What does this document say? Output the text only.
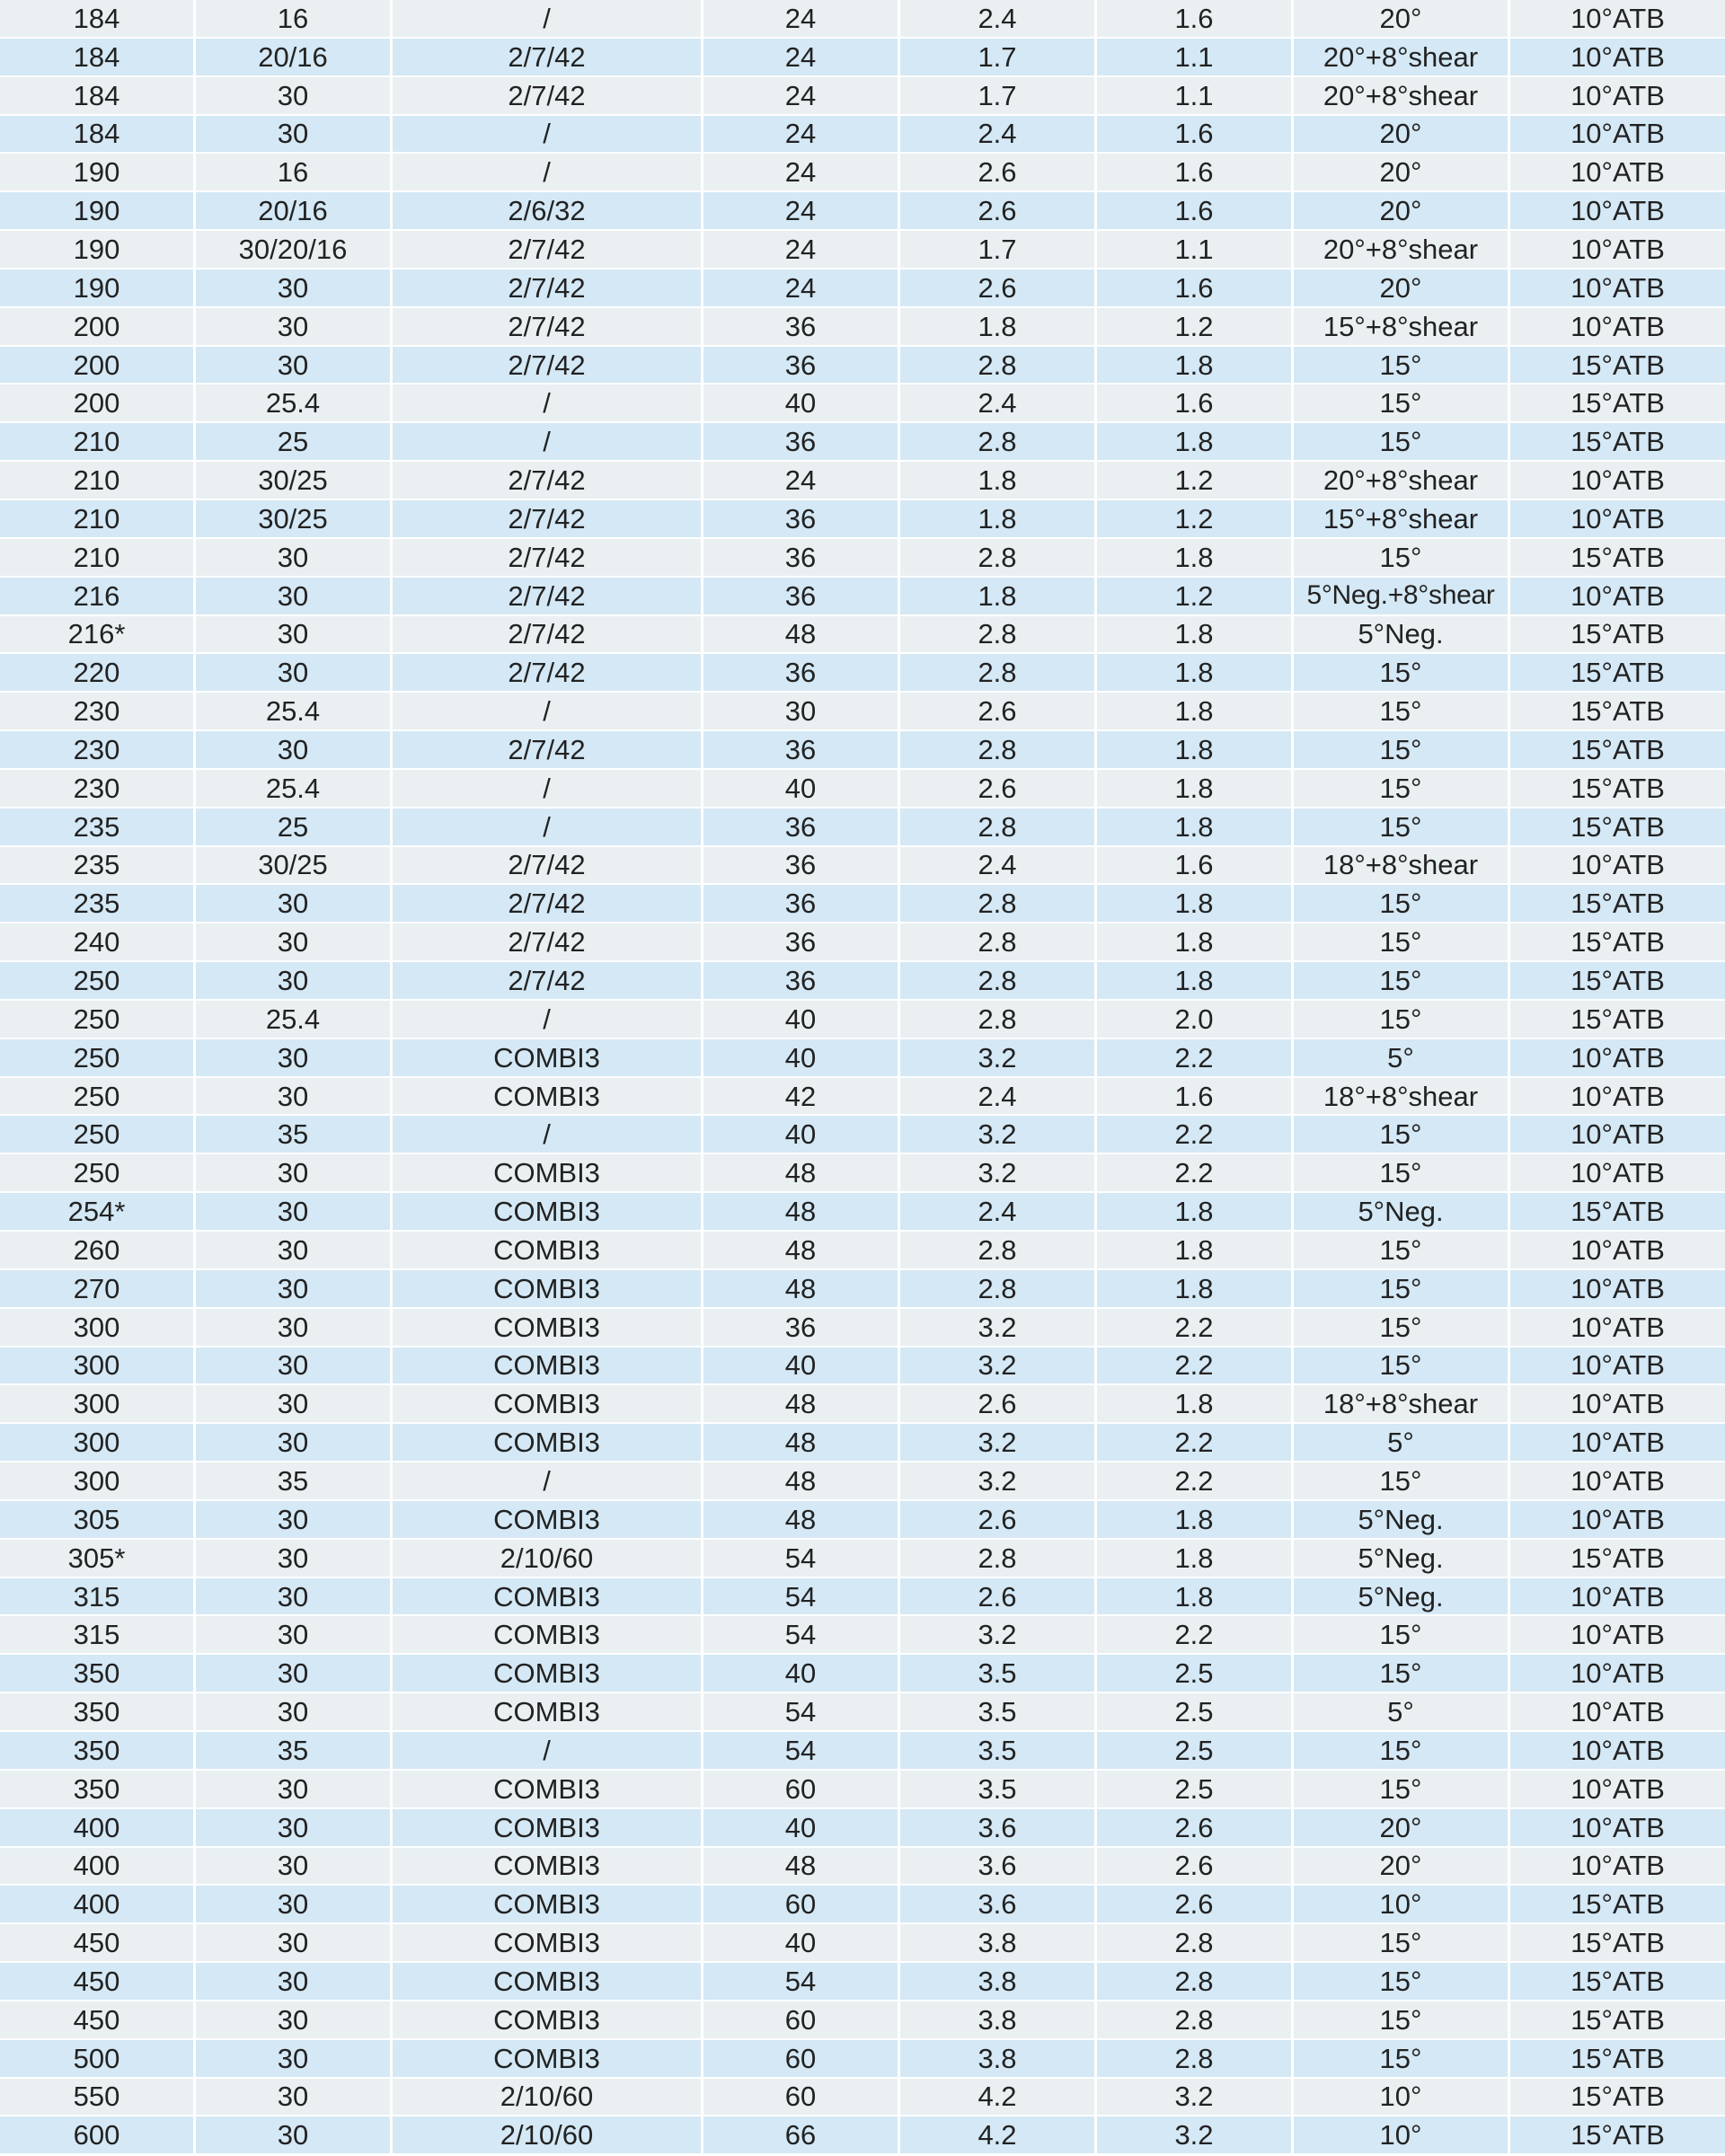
184	16	/	24	2.4	1.6	20°	10°ATB
184	20/16	2/7/42	24	1.7	1.1	20°+8°shear	10°ATB
184	30	2/7/42	24	1.7	1.1	20°+8°shear	10°ATB
184	30	/	24	2.4	1.6	20°	10°ATB
190	16	/	24	2.6	1.6	20°	10°ATB
190	20/16	2/6/32	24	2.6	1.6	20°	10°ATB
190	30/20/16	2/7/42	24	1.7	1.1	20°+8°shear	10°ATB
190	30	2/7/42	24	2.6	1.6	20°	10°ATB
200	30	2/7/42	36	1.8	1.2	15°+8°shear	10°ATB
200	30	2/7/42	36	2.8	1.8	15°	15°ATB
200	25.4	/	40	2.4	1.6	15°	15°ATB
210	25	/	36	2.8	1.8	15°	15°ATB
210	30/25	2/7/42	24	1.8	1.2	20°+8°shear	10°ATB
210	30/25	2/7/42	36	1.8	1.2	15°+8°shear	10°ATB
210	30	2/7/42	36	2.8	1.8	15°	15°ATB
216	30	2/7/42	36	1.8	1.2	5°Neg.+8°shear	10°ATB
216*	30	2/7/42	48	2.8	1.8	5°Neg.	15°ATB
220	30	2/7/42	36	2.8	1.8	15°	15°ATB
230	25.4	/	30	2.6	1.8	15°	15°ATB
230	30	2/7/42	36	2.8	1.8	15°	15°ATB
230	25.4	/	40	2.6	1.8	15°	15°ATB
235	25	/	36	2.8	1.8	15°	15°ATB
235	30/25	2/7/42	36	2.4	1.6	18°+8°shear	10°ATB
235	30	2/7/42	36	2.8	1.8	15°	15°ATB
240	30	2/7/42	36	2.8	1.8	15°	15°ATB
250	30	2/7/42	36	2.8	1.8	15°	15°ATB
250	25.4	/	40	2.8	2.0	15°	15°ATB
250	30	COMBI3	40	3.2	2.2	5°	10°ATB
250	30	COMBI3	42	2.4	1.6	18°+8°shear	10°ATB
250	35	/	40	3.2	2.2	15°	10°ATB
250	30	COMBI3	48	3.2	2.2	15°	10°ATB
254*	30	COMBI3	48	2.4	1.8	5°Neg.	15°ATB
260	30	COMBI3	48	2.8	1.8	15°	10°ATB
270	30	COMBI3	48	2.8	1.8	15°	10°ATB
300	30	COMBI3	36	3.2	2.2	15°	10°ATB
300	30	COMBI3	40	3.2	2.2	15°	10°ATB
300	30	COMBI3	48	2.6	1.8	18°+8°shear	10°ATB
300	30	COMBI3	48	3.2	2.2	5°	10°ATB
300	35	/	48	3.2	2.2	15°	10°ATB
305	30	COMBI3	48	2.6	1.8	5°Neg.	10°ATB
305*	30	2/10/60	54	2.8	1.8	5°Neg.	15°ATB
315	30	COMBI3	54	2.6	1.8	5°Neg.	10°ATB
315	30	COMBI3	54	3.2	2.2	15°	10°ATB
350	30	COMBI3	40	3.5	2.5	15°	10°ATB
350	30	COMBI3	54	3.5	2.5	5°	10°ATB
350	35	/	54	3.5	2.5	15°	10°ATB
350	30	COMBI3	60	3.5	2.5	15°	10°ATB
400	30	COMBI3	40	3.6	2.6	20°	10°ATB
400	30	COMBI3	48	3.6	2.6	20°	10°ATB
400	30	COMBI3	60	3.6	2.6	10°	15°ATB
450	30	COMBI3	40	3.8	2.8	15°	15°ATB
450	30	COMBI3	54	3.8	2.8	15°	15°ATB
450	30	COMBI3	60	3.8	2.8	15°	15°ATB
500	30	COMBI3	60	3.8	2.8	15°	15°ATB
550	30	2/10/60	60	4.2	3.2	10°	15°ATB
600	30	2/10/60	66	4.2	3.2	10°	15°ATB
